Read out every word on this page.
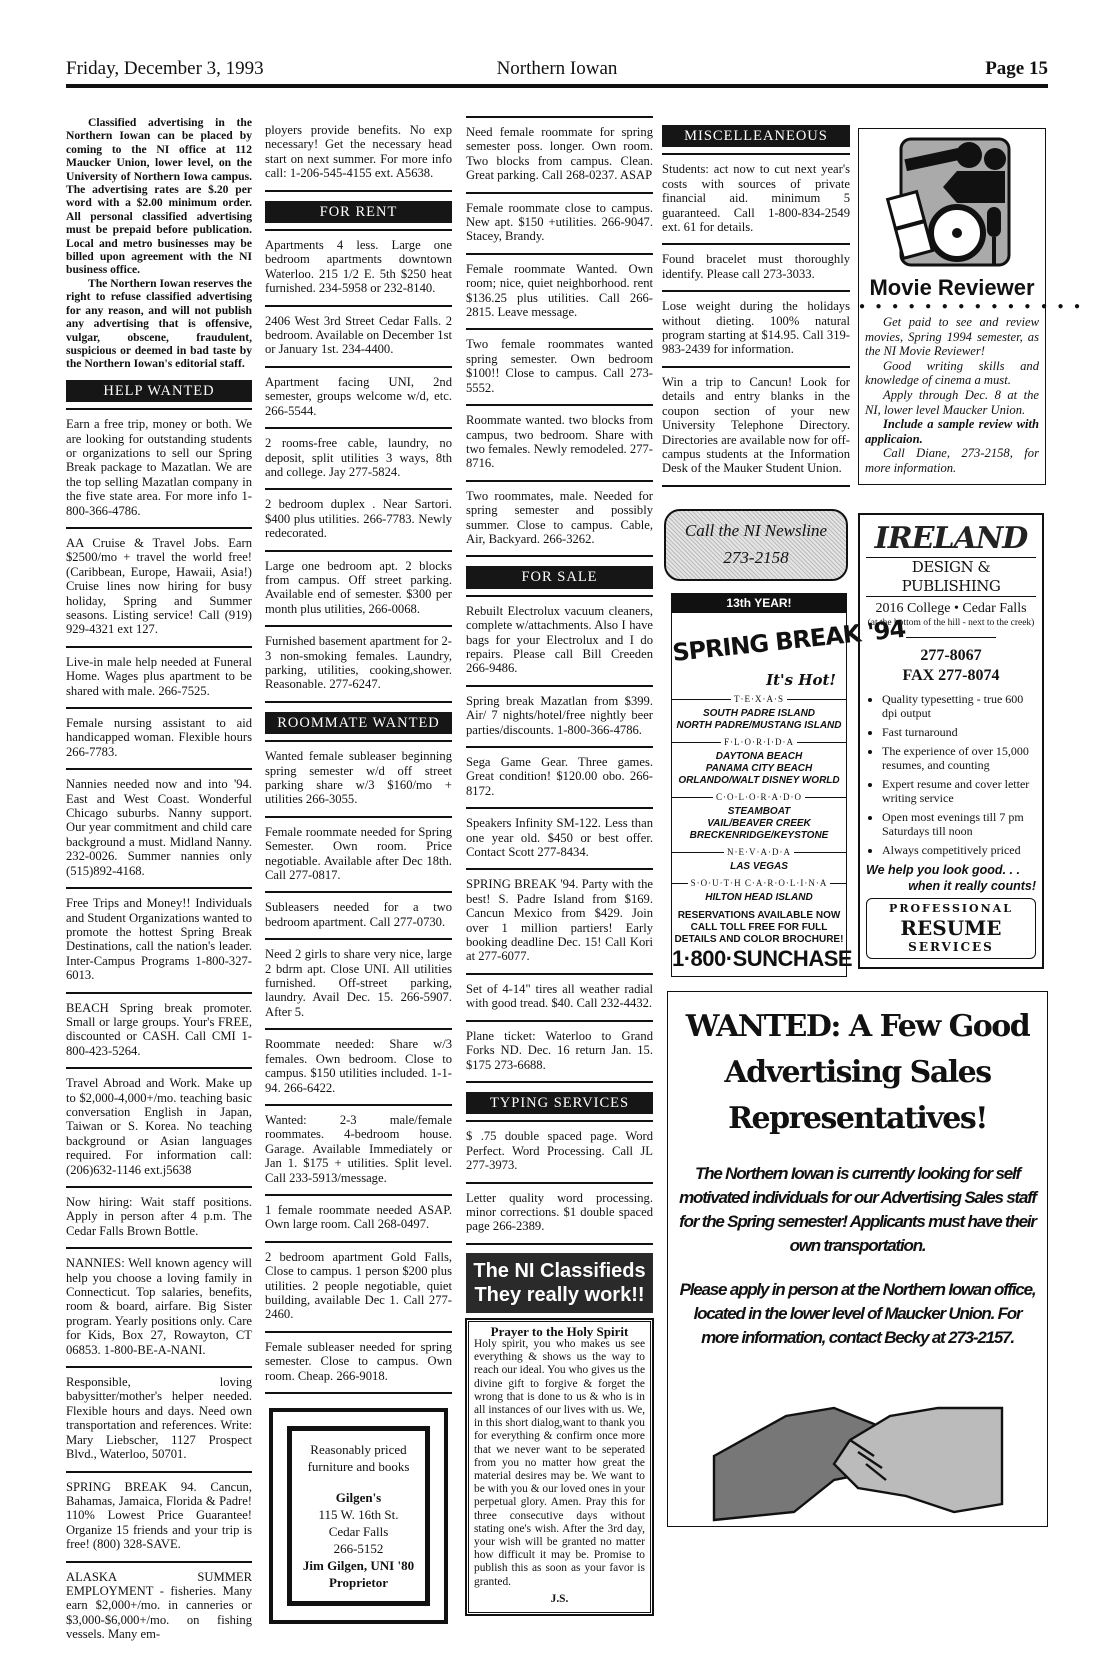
Friday, December 3, 1993	Northern Iowan	Page 15

Classified advertising in the Northern Iowan can be placed by coming to the NI office at 112 Maucker Union, lower level, on the University of Northern Iowa campus. The advertising rates are $.20 per word with a $2.00 minimum order. All personal classified advertising must be prepaid before publication. Local and metro businesses may be billed upon agreement with the NI business office.

The Northern Iowan reserves the right to refuse classified advertising for any reason, and will not publish any advertising that is offensive, vulgar, obscene, fraudulent, suspicious or deemed in bad taste by the Northern Iowan's editorial staff.

HELP WANTED
Earn a free trip, money or both. We are looking for outstanding students or organizations to sell our Spring Break package to Mazatlan. We are the top selling Mazatlan company in the five state area. For more info 1-800-366-4786.
AA Cruise & Travel Jobs. Earn $2500/mo + travel the world free! (Caribbean, Europe, Hawaii, Asia!) Cruise lines now hiring for busy holiday, Spring and Summer seasons. Listing service! Call (919) 929-4321 ext 127.
Live-in male help needed at Funeral Home. Wages plus apartment to be shared with male. 266-7525.
Female nursing assistant to aid handicapped woman. Flexible hours 266-7783.
Nannies needed now and into '94. East and West Coast. Wonderful Chicago suburbs. Nanny support. Our year commitment and child care background a must. Midland Nanny. 232-0026. Summer nannies only (515)892-4168.
Free Trips and Money!! Individuals and Student Organizations wanted to promote the hottest Spring Break Destinations, call the nation's leader. Inter-Campus Programs 1-800-327-6013.
BEACH Spring break promoter. Small or large groups. Your's FREE, discounted or CASH. Call CMI 1-800-423-5264.
Travel Abroad and Work. Make up to $2,000-4,000+/mo. teaching basic conversation English in Japan, Taiwan or S. Korea. No teaching background or Asian languages required. For information call: (206)632-1146 ext.j5638
Now hiring: Wait staff positions. Apply in person after 4 p.m. The Cedar Falls Brown Bottle.
NANNIES: Well known agency will help you choose a loving family in Connecticut. Top salaries, benefits, room & board, airfare. Big Sister program. Yearly positions only. Care for Kids, Box 27, Rowayton, CT 06853. 1-800-BE-A-NANI.
Responsible, loving babysitter/mother's helper needed. Flexible hours and days. Need own transportation and references. Write: Mary Liebscher, 1127 Prospect Blvd., Waterloo, 50701.
SPRING BREAK 94. Cancun, Bahamas, Jamaica, Florida & Padre! 110% Lowest Price Guarantee! Organize 15 friends and your trip is free! (800) 328-SAVE.
ALASKA SUMMER EMPLOYMENT - fisheries. Many earn $2,000+/mo. in canneries or $3,000-$6,000+/mo. on fishing vessels. Many em-
ployers provide benefits. No exp necessary! Get the necessary head start on next summer. For more info call: 1-206-545-4155 ext. A5638.
FOR RENT
Apartments 4 less. Large one bedroom apartments downtown Waterloo. 215 1/2 E. 5th $250 heat furnished. 234-5958 or 232-8140.
2406 West 3rd Street Cedar Falls. 2 bedroom. Available on December 1st or January 1st. 234-4400.
Apartment facing UNI, 2nd semester, groups welcome w/d, etc. 266-5544.
2 rooms-free cable, laundry, no deposit, split utilities 3 ways, 8th and college. Jay 277-5824.
2 bedroom duplex . Near Sartori. $400 plus utilities. 266-7783. Newly redecorated.
Large one bedroom apt. 2 blocks from campus. Off street parking. Available end of semester. $300 per month plus utilities, 266-0068.
Furnished basement apartment for 2-3 non-smoking females. Laundry, parking, utilities, cooking,shower. Reasonable. 277-6247.
ROOMMATE WANTED
Wanted female subleaser beginning spring semester w/d off street parking share w/3 $160/mo + utilities 266-3055.
Female roommate needed for Spring Semester. Own room. Price negotiable. Available after Dec 18th. Call 277-0817.
Subleasers needed for a two bedroom apartment. Call 277-0730.
Need 2 girls to share very nice, large 2 bdrm apt. Close UNI. All utilities furnished. Off-street parking, laundry. Avail Dec. 15. 266-5907. After 5.
Roommate needed: Share w/3 females. Own bedroom. Close to campus. $150 utilities included. 1-1-94. 266-6422.
Wanted: 2-3 male/female roommates. 4-bedroom house. Garage. Available Immediately or Jan 1. $175 + utilities. Split level. Call 233-5913/message.
1 female roommate needed ASAP. Own large room. Call 268-0497.
2 bedroom apartment Gold Falls, Close to campus. 1 person $200 plus utilities. 2 people negotiable, quiet building, available Dec 1. Call 277-2460.
Female subleaser needed for spring semester. Close to campus. Own room. Cheap. 266-9018.
Reasonably priced
furniture and books
Gilgen's
115 W. 16th St.
Cedar Falls
266-5152
Jim Gilgen, UNI '80
Proprietor
Need female roommate for spring semester poss. longer. Own room. Two blocks from campus. Clean. Great parking. Call 268-0237. ASAP
Female roommate close to campus. New apt. $150 +utilities. 266-9047. Stacey, Brandy.
Female roommate Wanted. Own room; nice, quiet neighborhood. rent $136.25 plus utilities. Call 266-2815. Leave message.
Two female roommates wanted spring semester. Own bedroom $100!! Close to campus. Call 273-5552.
Roommate wanted. two blocks from campus, two bedroom. Share with two females. Newly remodeled. 277-8716.
Two roommates, male. Needed for spring semester and possibly summer. Close to campus. Cable, Air, Backyard. 266-3262.
FOR SALE
Rebuilt Electrolux vacuum cleaners, complete w/attachments. Also I have bags for your Electrolux and I do repairs. Please call Bill Creeden 266-9486.
Spring break Mazatlan from $399. Air/ 7 nights/hotel/free nightly beer parties/discounts. 1-800-366-4786.
Sega Game Gear. Three games. Great condition! $120.00 obo. 266-8172.
Speakers Infinity SM-122. Less than one year old. $450 or best offer. Contact Scott 277-8434.
SPRING BREAK '94. Party with the best! S. Padre Island from $169. Cancun Mexico from $429. Join over 1 million partiers! Early booking deadline Dec. 15! Call Kori at 277-6077.
Set of 4-14" tires all weather radial with good tread. $40. Call 232-4432.
Plane ticket: Waterloo to Grand Forks ND. Dec. 16 return Jan. 15. $175 273-6688.
TYPING SERVICES
$ .75 double spaced page. Word Perfect. Word Processing. Call JL 277-3973.
Letter quality word processing. minor corrections. $1 double spaced page 266-2389.
The NI Classifieds
They really work!!
Prayer to the Holy Spirit
Holy spirit, you who makes us see everything & shows us the way to reach our ideal. You who gives us the divine gift to forgive & forget the wrong that is done to us & who is in all instances of our lives with us. We, in this short dialog,want to thank you for everything & confirm once more that we never want to be seperated from you no matter how great the material desires may be. We want to be with you & our loved ones in your perpetual glory. Amen. Pray this for three consecutive days without stating one's wish. After the 3rd day, your wish will be granted no matter how difficult it may be. Promise to publish this as soon as your favor is granted.
J.S.
MISCELLEANEOUS
Students: act now to cut next year's costs with sources of private financial aid. minimum 5 guaranteed. Call 1-800-834-2549 ext. 61 for details.
Found bracelet must thoroughly identify. Please call 273-3033.
Lose weight during the holidays without dieting. 100% natural program starting at $14.95. Call 319-983-2439 for information.
Win a trip to Cancun! Look for details and entry blanks in the coupon section of your new University Telephone Directory. Directories are available now for off-campus students at the Information Desk of the Mauker Student Union.
Call the NI Newsline
273-2158
13th YEAR!
SPRING BREAK '94
It's Hot!
T·E·X·A·S
SOUTH PADRE ISLAND
NORTH PADRE/MUSTANG ISLAND
F·L·O·R·I·D·A
DAYTONA BEACH
PANAMA CITY BEACH
ORLANDO/WALT DISNEY WORLD
C·O·L·O·R·A·D·O
STEAMBOAT
VAIL/BEAVER CREEK
BRECKENRIDGE/KEYSTONE
N·E·V·A·D·A
LAS VEGAS
S·O·U·T·H C·A·R·O·L·I·N·A
HILTON HEAD ISLAND
RESERVATIONS AVAILABLE NOW CALL TOLL FREE FOR FULL DETAILS AND COLOR BROCHURE!
1·800·SUNCHASE
Movie Reviewer
● ● ● ● ● ● ● ● ● ● ● ● ● ●

Get paid to see and review movies, Spring 1994 semester, as the NI Movie Reviewer!

Good writing skills and knowledge of cinema a must.

Apply through Dec. 8 at the NI, lower level Maucker Union.

Include a sample review with applicaion.

Call Diane, 273-2158, for more information.

IRELAND
DESIGN & PUBLISHING
2016 College • Cedar Falls
(at the bottom of the hill - next to the creek)
277-8067
FAX 277-8074
• Quality typesetting - true 600 dpi output
• Fast turnaround
• The experience of over 15,000 resumes, and counting
• Expert resume and cover letter writing service
• Open most evenings till 7 pm Saturdays till noon
• Always competitively priced
We help you look good. . .
when it really counts!
PROFESSIONAL
RESUME
SERVICES
WANTED: A Few Good
Advertising Sales
Representatives!
The Northern Iowan is currently looking for self motivated individuals for our Advertising Sales staff for the Spring semester! Applicants must have their own transportation.
Please apply in person at the Northern Iowan office, located in the lower level of Maucker Union. For more information, contact Becky at 273-2157.
